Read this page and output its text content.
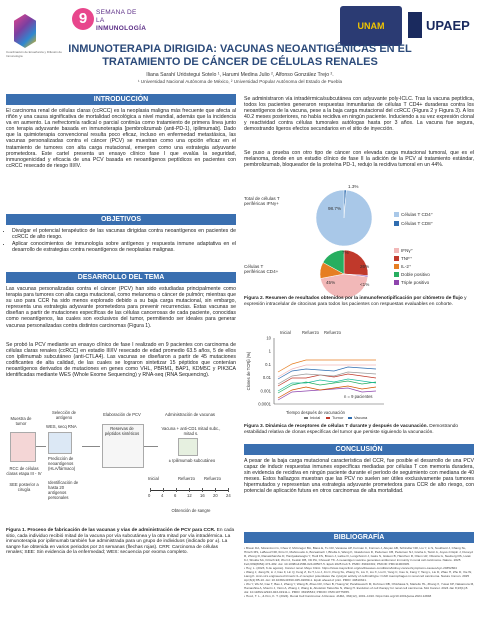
Coordinación de Enseñanza y Difusión de Inmunología
9	SEMANA DE LA
INMUNOLOGÍA	UNAM	UPAEP
INMUNOTERAPIA DIRIGIDA: VACUNAS NEOANTIGÉNICAS EN EL
TRATAMIENTO DE CÁNCER DE CÉLULAS RENALES
Iliana Sarahí Urióstegui Sotelo ¹, Harumi Medina Julio ², Alfonso González Trejo ².
¹ Universidad Nacional Autónoma de México, ² Universidad Popular Autónoma del Estado de Puebla
INTRODUCCIÓN
El carcinoma renal de células claras (ccRCC) es la neoplasia maligna más frecuente que afecta al riñón y una causa significativa de mortalidad oncológica a nivel mundial, además que la incidencia va en aumento. La nefrectomía radical o parcial continúa como tratamiento de primera línea junto con terapia adyuvante basada en inmunoterapia [pembrolizumab (anti-PD-1), ipilimumab]. Dado que la quimioterapia convencional resulta poco eficaz, incluso en enfermedad metastásica, las vacunas personalizadas contra el cáncer (PCV) se muestran como una opción eficaz en el tratamiento de tumores con alta carga mutacional, emergen como una estrategia adyuvante prometedora. Este cartel presenta un ensayo clínico fase I que evalúa la seguridad, inmunogenicidad y eficacia de una PCV basada en neoantígenos peptídicos en pacientes con ccRCC resecado de riesgo III/IV.
OBJETIVOS
• Divulgar el potencial terapéutico de las vacunas dirigidas contra neoantígenos en pacientes de ccRCC de alto riesgo.
• Aplicar conocimientos de inmunología sobre antígenos y respuesta inmune adaptativa en el desarrollo de estrategias contra neoantígenos de neoplasias malignas.
DESARROLLO DEL TEMA
Las vacunas personalizadas contra el cáncer (PCV) han sido estudiadas principalmente como terapia para tumores con alta carga mutacional, como melanoma o cáncer de pulmón; mientras que su uso para CCR ha sido menos explorado debido a su baja carga mutacional, sin embargo, representa una estrategia adyuvante prometedora para prevenir recurrencias. Estas vacunas se diseñan a partir de mutaciones específicas de las células cancerosas de cada paciente, conocidas como neoantígenos, las cuales son exclusivos del tumor, permitiendo ser ideales para generar vacunas personalizadas contra distintos carcinomas (Figura 1).
Se probó la PCV mediante un ensayo clínico de fase I realizado en 9 pacientes con carcinoma de células claras renales (ccRCC) en estadio III/IV resecado de edad promedio 63.5 años, 5 de ellos con ipilimumab subcutáneo (anti-CTLA4). Las vacunas se diseñaron a partir de 45 mutaciones codificantes de alta calidad, de las cuales se lograron sintetizar 15 péptidos que contenían neoantígenos derivados de mutaciones en genes como VHL, PBRM1, BAP1, KDM5C y PIK3CA identificadas mediante WES (Whole Exome Sequencing) y RNA-seq (RNA Sequencing).
Muestra de tumor
Selección de antígeno
Elaboración de PCV	Administración de vacunas
RCC de células claras etapa III - IV
SEE posterior a cirugía
WES, secq RNA
Predicción de neoantígenos (HLA/fármaco)
Identificación de hasta 20 antígenos personales
Reservas de péptidos sintéticos
Vacuna + anti-CD1 mitad subc., mitad s.
± Ipilimumab subcutáneo
Inicial	Refuerzo Refuerzo
0	4	6	12 16 20 24
Obtención de sangre
Figura 1. Proceso de fabricación de las vacunas y vías de administración de PCV para CCR. En cada sitio, cada individuo recibió mitad de la vacuna por vía subcutánea y la otra mitad por vía intradérmica. La inmunoterapia por ipilimumab también fue administrada para un grupo de individuos (indicado por ±). La sangre fue obtenida en varios periodos por 24 semanas (flechas rojas). CRR: Carcinoma de células renales; SEE: Sin evidencia de la enfermedad; WES: secuencia por exoma completo.
Se administraron vía intradérmica/subcutánea con adyuvante poly-ICLC. Tras la vacuna peptídica, todos los pacientes generaron respuestas inmunitarias de células T CD4+ duraderas contra los neoantígenos de la vacuna, pese a la baja carga mutacional del ccRCC (Figura 2 y Figura 3). A los 40.2 meses posteriores, no había recidiva en ningún paciente. Induciendo a su vez expresión clonal y reactividad contra células tumorales autólogas hasta por 3 años. La vacuna fue segura, demostrando ligeros efectos secundarios en el sitio de inyección.
Se puso a prueba con otro tipo de cáncer con elevada carga mutacional tumoral, que es el melanoma, donde en un estudio clínico de fase II la adición de la PCV al tratamiento estándar, pembrolizumab, bloqueador de la proteína PD-1, redujo la recidiva tumoral en un 44%.
Total de células T periféricas IFNγ+
Células T periféricas CD4+
98.7%
1.3%
11%
7%
26%
45%	<1%
Células T CD4⁺
Células T CD8⁺
IFNγ⁺
TNF⁺
IL-2⁺
Doble positivo
Triple positivo
Figura 2. Resumen de resultados obtenidos por la inmunofenotipificación por citómetro de flujo y expresión intracelular de citocinas para todos los pacientes con respuestas evaluables en cohorte.
10
1
0.1
0.01
0.001
0.0001
Clones de TCRβ (%)
Inicial	Refuerzo Refuerzo
n = 9 pacientes
Tiempo después de vacunación
Inicial	Tumor	Vacuna
Figura 3. Dinámica de receptores de células T durante y después de vacunación. Demostrando estabilidad relativa de clonas específicas del tumor que persiste siguiendo la vacunación.
CONCLUSIÓN
A pesar de la baja carga mutacional característica del CCR, fue posible el desarrollo de una PCV capaz de inducir respuestas inmunes específicas mediadas por células T con memoria duradera, sin evidencia de recidiva en ningún paciente durante el período de seguimiento con mediana de 40 meses. Estos hallazgos muestran que las PCV no suelen ser útiles exclusivamente para tumores hipermutados y representan una estrategia adyuvante prometedora para CCR de alto riesgo, con potencial de aplicación futura en otros carcinomas de alta mortalidad.
BIBLIOGRAFÍA
• Braun DA, Moranzoni G, Chea V, McGregor BA, Blass E, Tu CR, Vanasse AP, Forman C, Forman J, Afeyan AB, Schindler NR, Liu Y, Li S, Southard J, Chang SL, Hirsch MS, LeBoeuf NR, Ibrio O, Mahmoudo A, Bozeatiooh I, Bhella A, Wang K, Glasdorous D, Pedersen CB, Pedersen NJ, Greha A, Tamir A, Joyes-Crispin J, Duveyd R, Zhong D, Ranasiiharshe D, Haniyakaraoglu Y, Hodi FS, Brown J, Lalive D, Longchoinri J, Gaire S, Gideon B, Hanchen R, Oliem LR, Oliveira G, Neuberg DS, Livak KJ, Shukla SA, Fritsch EF, Wu CJ, Keskin DB, Ott PA, Choueiri TK. A neoantigen vaccine generates antitumour immunity in renal cell carcinoma. Nature. 2025 Feb;639(8054):474-482. doi: 10.1038/s41586-024-08507-5. Epub 2025 Feb 5. PMID: 39910301; PMCID: PMC11903305.
• Hoy, L. (2023, 6 de agosto). Cáncer renal. Mayo Clinic. https://www.mayoclinic.org/es/diseases-conditions/kidney-cancer/symptoms-causes/syc-20352664
• Wang J, Jiang W, Li J, Cao F, Lin Q, Feng Z, Fu T, Liu J, Jin C, Peng SL, Zhang Yu, Liu X, Liu X, Liu D, Yang C, Cao G, Fang Y, Tang L, Liu D, Zhao H, Zhu D, Xie W, Liang K. Amn-virs engineered trimeric IL-2 receptor potentiates the cytolytic activity of cell/mid/type I CAR macrophages in renal cell carcinoma. Nature Immun. 2025 Apr;6(4):85-10. doi: 10.1038/s41590-025-02069-1. Epub ahead of print. PMID: 40810321.
• Wu Y, Wu M, Cao T, Bao J, Zhang Y, Wang B, Zhao CR, Chen B, Huang W, Pandisuwerh M, Dohmen DB, Ohishawa S, Martello HL, Zhang X, Yuwei KP, Nakamura M, Hamashita A, Mourin J, Vioin A, Zhang J, Wang E, Abolelsin Takuvhle N, Wang H. Evolution of cell therapy for renal cell carcinoma. Mol Cancer. 2024 Jan 8;23(1):8. doi: 10.1186/s12943-023-01911-x. PMID: 38195534; PMCID: PMC10775455.
• Hooz, T. L., & Kim, K. T. (2024). Renal Cell Carcinoma: A Review. JAMA, 332(12), 1001–1010. https://doi.org/10.1001/jama.2024.12848
